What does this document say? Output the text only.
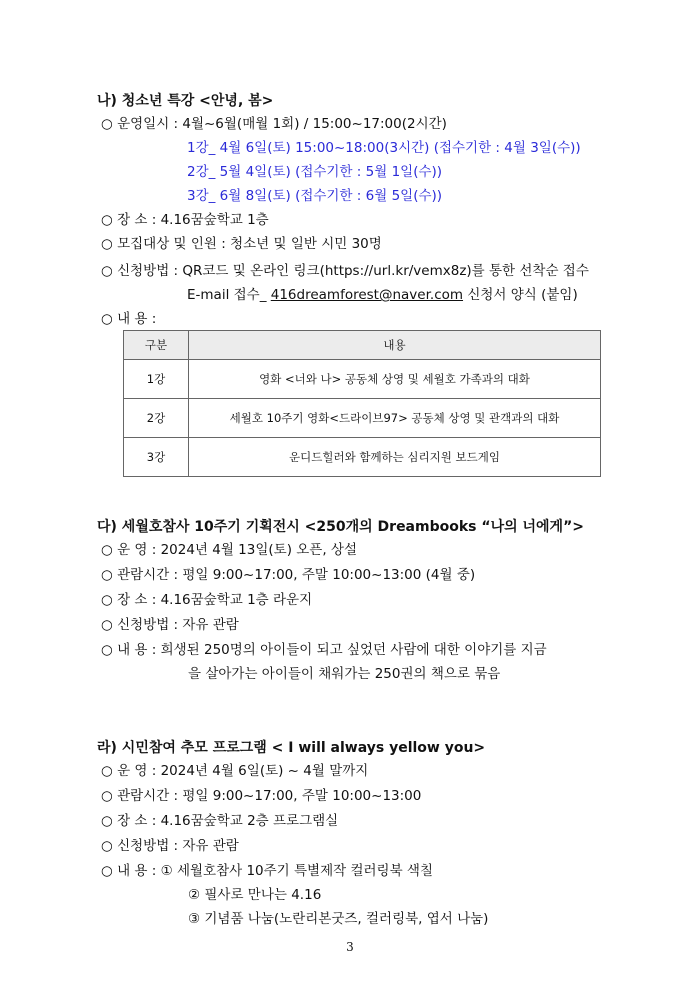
나) 청소년 특강 <안녕, 봄>
○ 운영일시 : 4월~6월(매월 1회) / 15:00~17:00(2시간)
1강_ 4월 6일(토) 15:00~18:00(3시간) (접수기한 : 4월 3일(수))
2강_ 5월 4일(토) (접수기한 : 5월 1일(수))
3강_ 6월 8일(토) (접수기한 : 6월 5일(수))
○ 장 소 : 4.16꿈숲학교 1층
○ 모집대상 및 인원 : 청소년 및 일반 시민 30명
○ 신청방법 : QR코드 및 온라인 링크(https://url.kr/vemx8z)를 통한 선착순 접수
E-mail 접수_ 416dreamforest@naver.com 신청서 양식 (붙임)
○ 내 용 :
구분	내용
1강	영화 <너와 나> 공동체 상영 및 세월호 가족과의 대화
2강	세월호 10주기 영화<드라이브97> 공동체 상영 및 관객과의 대화
3강	운디드힐러와 함께하는 심리지원 보드게임
다) 세월호참사 10주기 기획전시 <250개의 Dreambooks “나의 너에게”>
○ 운 영 : 2024년 4월 13일(토) 오픈, 상설
○ 관람시간 : 평일 9:00~17:00, 주말 10:00~13:00 (4월 중)
○ 장 소 : 4.16꿈숲학교 1층 라운지
○ 신청방법 : 자유 관람
○ 내 용 : 희생된 250명의 아이들이 되고 싶었던 사람에 대한 이야기를 지금
을 살아가는 아이들이 채워가는 250권의 책으로 묶음
라) 시민참여 추모 프로그램 < I will always yellow you>
○ 운 영 : 2024년 4월 6일(토) ~ 4월 말까지
○ 관람시간 : 평일 9:00~17:00, 주말 10:00~13:00
○ 장 소 : 4.16꿈숲학교 2층 프로그램실
○ 신청방법 : 자유 관람
○ 내 용 : ① 세월호참사 10주기 특별제작 컬러링북 색칠
② 필사로 만나는 4.16
③ 기념품 나눔(노란리본굿즈, 컬러링북, 엽서 나눔)
3
